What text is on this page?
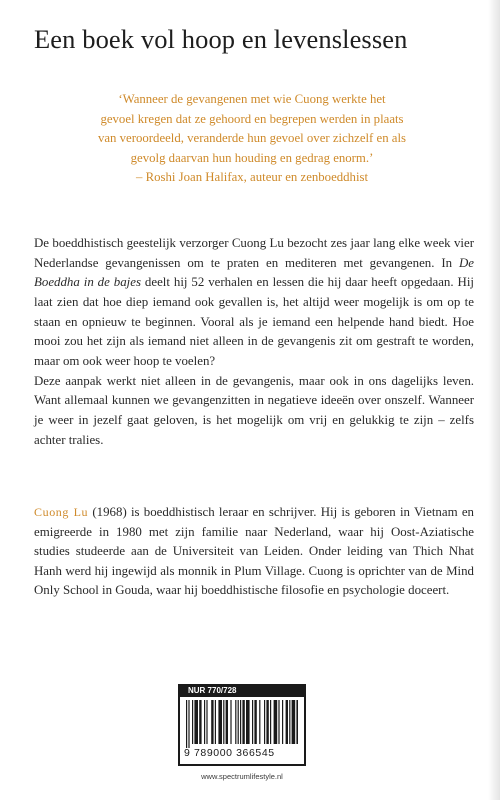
Een boek vol hoop en levenslessen
‘Wanneer de gevangenen met wie Cuong werkte het
gevoel kregen dat ze gehoord en begrepen werden in plaats
van veroordeeld, veranderde hun gevoel over zichzelf en als
gevolg daarvan hun houding en gedrag enorm.’
– Roshi Joan Halifax, auteur en zenboeddhist
De boeddhistisch geestelijk verzorger Cuong Lu bezocht zes jaar lang elke week vier Nederlandse gevangenissen om te praten en mediteren met gevangenen. In De Boeddha in de bajes deelt hij 52 verhalen en lessen die hij daar heeft opgedaan. Hij laat zien dat hoe diep iemand ook gevallen is, het altijd weer mogelijk is om op te staan en opnieuw te beginnen. Vooral als je iemand een helpende hand biedt. Hoe mooi zou het zijn als iemand niet alleen in de gevangenis zit om gestraft te worden, maar om ook weer hoop te voelen?
Deze aanpak werkt niet alleen in de gevangenis, maar ook in ons dagelijks leven. Want allemaal kunnen we gevangenzitten in negatieve ideeën over onszelf. Wanneer je weer in jezelf gaat geloven, is het mogelijk om vrij en gelukkig te zijn – zelfs achter tralies.
Cuong Lu (1968) is boeddhistisch leraar en schrijver. Hij is geboren in Vietnam en emigreerde in 1980 met zijn familie naar Nederland, waar hij Oost-Aziatische studies studeerde aan de Universiteit van Leiden. Onder leiding van Thich Nhat Hanh werd hij ingewijd als monnik in Plum Village. Cuong is oprichter van de Mind Only School in Gouda, waar hij boeddhistische filosofie en psychologie doceert.
NUR 770/728
9 789000 366545
www.spectrumlifestyle.nl
